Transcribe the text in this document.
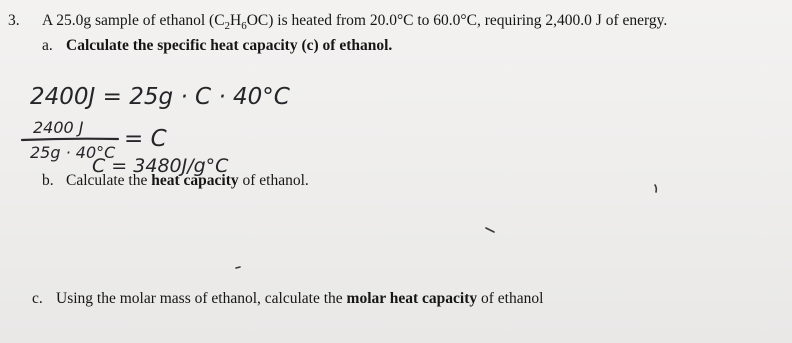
3. A 25.0g sample of ethanol $(C_2H_6OC)$ is heated from 20.0°C to 60.0°C, requiring 2,400.0 J of energy.
a. Calculate the specific heat capacity (c) of ethanol.
2400J = 25g · C · 40°C
2400 J
25g · 40°C
= C
C = 3480J/g°C
b. Calculate the heat capacity of ethanol.
c. Using the molar mass of ethanol, calculate the molar heat capacity of ethanol
